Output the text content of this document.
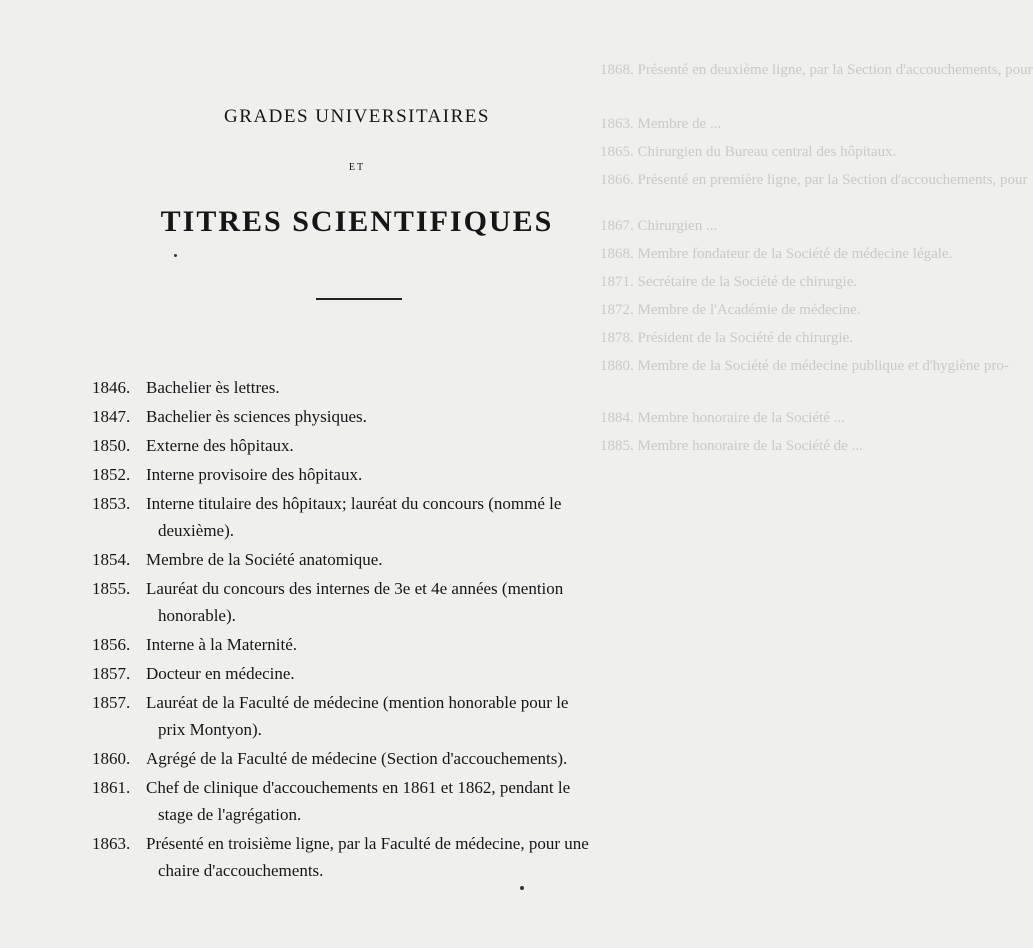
1868. Présenté en deuxième ligne, par la Section d'accouchements, pour
1863. Membre de ...
1865. Chirurgien du Bureau central des hôpitaux.
1866. Présenté en première ligne, par la Section d'accouchements, pour
1867. Chirurgien ...
1868. Membre fondateur de la Société de médecine légale.
1871. Secrétaire de la Société de chirurgie.
1872. Membre de l'Académie de médecine.
1878. Président de la Société de chirurgie.
1880. Membre de la Société de médecine publique et d'hygiène pro-
1884. Membre honoraire de la Société ...
1885. Membre honoraire de la Société de ...
GRADES UNIVERSITAIRES
ET
TITRES SCIENTIFIQUES
1846. Bachelier ès lettres.
1847. Bachelier ès sciences physiques.
1850. Externe des hôpitaux.
1852. Interne provisoire des hôpitaux.
1853. Interne titulaire des hôpitaux; lauréat du concours (nommé le
deuxième).
1854. Membre de la Société anatomique.
1855. Lauréat du concours des internes de 3e et 4e années (mention
honorable).
1856. Interne à la Maternité.
1857. Docteur en médecine.
1857. Lauréat de la Faculté de médecine (mention honorable pour le
prix Montyon).
1860. Agrégé de la Faculté de médecine (Section d'accouchements).
1861. Chef de clinique d'accouchements en 1861 et 1862, pendant le
stage de l'agrégation.
1863. Présenté en troisième ligne, par la Faculté de médecine, pour une
chaire d'accouchements.
